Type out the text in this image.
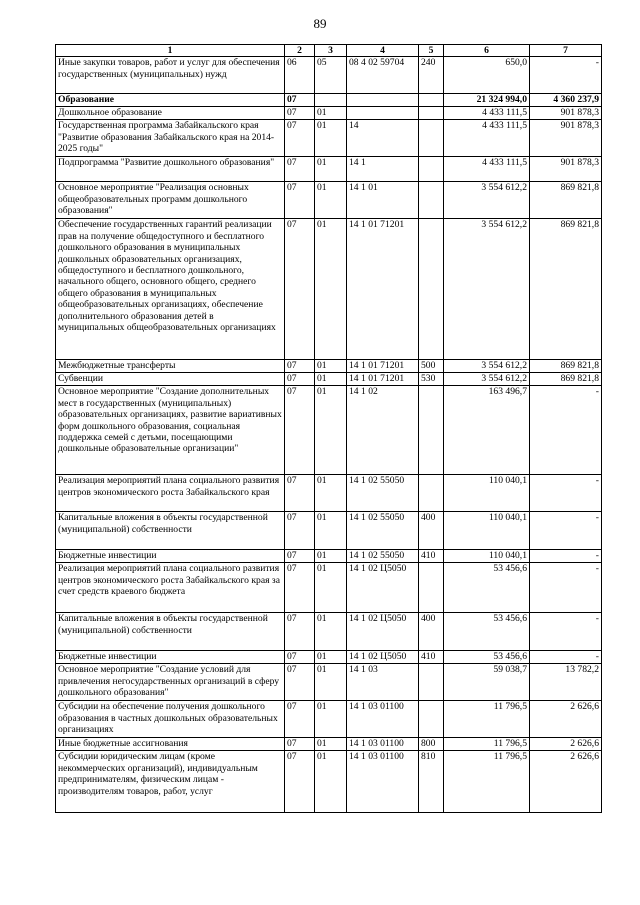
89
1	2	3	4	5	6	7
Иные закупки товаров, работ и услуг для обеспечения государственных (муниципальных) нужд	06	05	08 4 02 59704	240	650,0	-
Образование	07				21 324 994,0	4 360 237,9
Дошкольное образование	07	01			4 433 111,5	901 878,3
Государственная программа Забайкальского края "Развитие образования Забайкальского края на 2014-2025 годы"	07	01	14		4 433 111,5	901 878,3
Подпрограмма "Развитие дошкольного образования"	07	01	14 1		4 433 111,5	901 878,3
Основное мероприятие "Реализация основных общеобразовательных программ дошкольного образования"	07	01	14 1 01		3 554 612,2	869 821,8
Обеспечение государственных гарантий реализации прав на получение общедоступного и бесплатного дошкольного образования в муниципальных дошкольных образовательных организациях, общедоступного и бесплатного дошкольного, начального общего, основного общего, среднего общего образования в муниципальных общеобразовательных организациях, обеспечение дополнительного образования детей в муниципальных общеобразовательных организациях	07	01	14 1 01 71201		3 554 612,2	869 821,8
Межбюджетные трансферты	07	01	14 1 01 71201	500	3 554 612,2	869 821,8
Субвенции	07	01	14 1 01 71201	530	3 554 612,2	869 821,8
Основное мероприятие "Создание дополнительных мест в государственных (муниципальных) образовательных организациях, развитие вариативных форм дошкольного образования, социальная поддержка семей с детьми, посещающими дошкольные образовательные организации"	07	01	14 1 02		163 496,7	-
Реализация мероприятий плана социального развития центров экономического роста Забайкальского края	07	01	14 1 02 55050		110 040,1	-
Капитальные вложения в объекты государственной (муниципальной) собственности	07	01	14 1 02 55050	400	110 040,1	-
Бюджетные инвестиции	07	01	14 1 02 55050	410	110 040,1	-
Реализация мероприятий плана социального развития центров экономического роста Забайкальского края за счет средств краевого бюджета	07	01	14 1 02 Ц5050		53 456,6	-
Капитальные вложения в объекты государственной (муниципальной) собственности	07	01	14 1 02 Ц5050	400	53 456,6	-
Бюджетные инвестиции	07	01	14 1 02 Ц5050	410	53 456,6	-
Основное мероприятие "Создание условий для привлечения негосударственных организаций в сферу дошкольного образования"	07	01	14 1 03		59 038,7	13 782,2
Субсидии на обеспечение получения дошкольного образования в частных дошкольных образовательных организациях	07	01	14 1 03 01100		11 796,5	2 626,6
Иные бюджетные ассигнования	07	01	14 1 03 01100	800	11 796,5	2 626,6
Субсидии юридическим лицам (кроме некоммерческих организаций), индивидуальным предпринимателям, физическим лицам - производителям товаров, работ, услуг	07	01	14 1 03 01100	810	11 796,5	2 626,6
